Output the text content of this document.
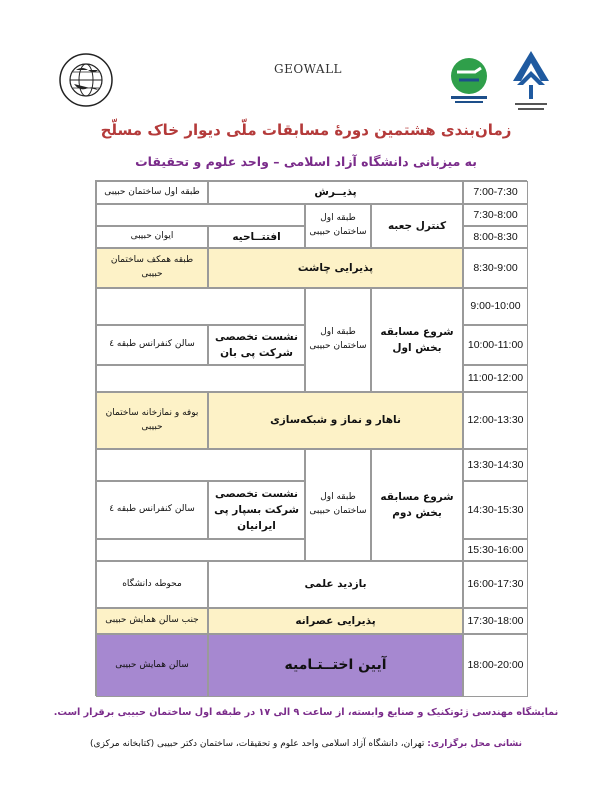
GEOWALL
زمان‌بندی هشتمین دورهٔ مسابقات ملّی دیوار خاک مسلّح
به میزبانی دانشگاه آزاد اسلامی – واحد علوم و تحقیقات
7:00-7:30
7:30-8:00
8:00-8:30
8:30-9:00
9:00-10:00
10:00-11:00
11:00-12:00
12:00-13:30
13:30-14:30
14:30-15:30
15:30-16:00
16:00-17:30
17:30-18:00
18:00-20:00
پذیــرش
طبقه اول ساختمان حبیبی
کنترل جعبه
طبقه اول ساختمان حبیبی
افتتــاحیه
ایوان حبیبی
پذیرایی چاشت
طبقه همکف ساختمان حبیبی
شروع مسابقه بخش اول
طبقه اول ساختمان حبیبی
نشست تخصصی شرکت پی بان
سالن کنفرانس طبقه ٤
ناهار و نماز و شبکه‌سازی
بوفه و نمازخانه ساختمان حبیبی
شروع مسابقه بخش دوم
طبقه اول ساختمان حبیبی
نشست تخصصی شرکت بسپار پی ایرانیان
سالن کنفرانس طبقه ٤
بازدید علمی
محوطه دانشگاه
پذیرایی عصرانه
جنب سالن همایش حبیبی
آیین اختــتـامیه
سالن همایش حبیبی
نمایشگاه مهندسی ژئوتکنیک و صنایع وابسته، از ساعت ۹ الی ۱۷ در طبقه اول ساختمان حبیبی برقرار است.
نشانی محل برگزاری: تهران، دانشگاه آزاد اسلامی واحد علوم و تحقیقات، ساختمان دکتر حبیبی (کتابخانه مرکزی)
